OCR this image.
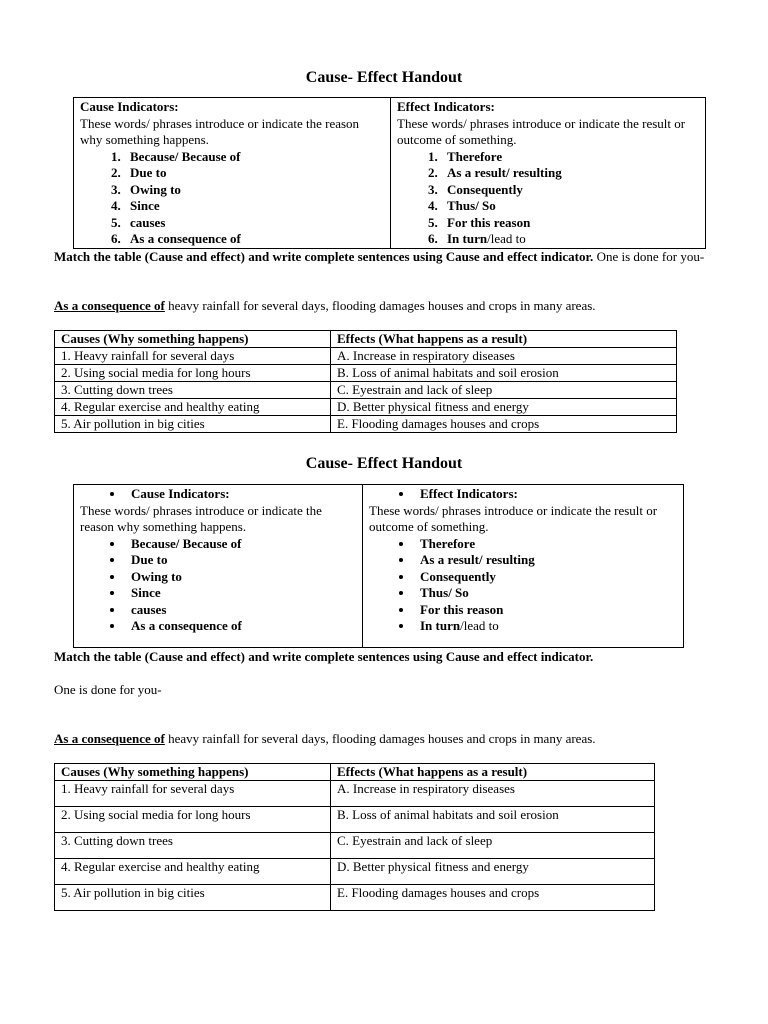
Cause- Effect Handout
Cause Indicators:
These words/ phrases introduce or indicate the reason why something happens.
1. Because/ Because of
2. Due to
3. Owing to
4. Since
5. causes
6. As a consequence of
Effect Indicators:
These words/ phrases introduce or indicate the result or outcome of something.
1. Therefore
2. As a result/ resulting
3. Consequently
4. Thus/ So
5. For this reason
6. In turn/lead to
Match the table (Cause and effect) and write complete sentences using Cause and effect indicator. One is done for you-
As a consequence of heavy rainfall for several days, flooding damages houses and crops in many areas.
Causes (Why something happens)	Effects (What happens as a result)
1. Heavy rainfall for several days	A. Increase in respiratory diseases
2. Using social media for long hours	B. Loss of animal habitats and soil erosion
3. Cutting down trees	C. Eyestrain and lack of sleep
4. Regular exercise and healthy eating	D. Better physical fitness and energy
5. Air pollution in big cities	E. Flooding damages houses and crops
Cause- Effect Handout
• Cause Indicators:
These words/ phrases introduce or indicate the reason why something happens.
• Because/ Because of
• Due to
• Owing to
• Since
• causes
• As a consequence of
• Effect Indicators:
These words/ phrases introduce or indicate the result or outcome of something.
• Therefore
• As a result/ resulting
• Consequently
• Thus/ So
• For this reason
• In turn/lead to
Match the table (Cause and effect) and write complete sentences using Cause and effect indicator.
One is done for you-
As a consequence of heavy rainfall for several days, flooding damages houses and crops in many areas.
Causes (Why something happens)	Effects (What happens as a result)
1. Heavy rainfall for several days	A. Increase in respiratory diseases
2. Using social media for long hours	B. Loss of animal habitats and soil erosion
3. Cutting down trees	C. Eyestrain and lack of sleep
4. Regular exercise and healthy eating	D. Better physical fitness and energy
5. Air pollution in big cities	E. Flooding damages houses and crops
